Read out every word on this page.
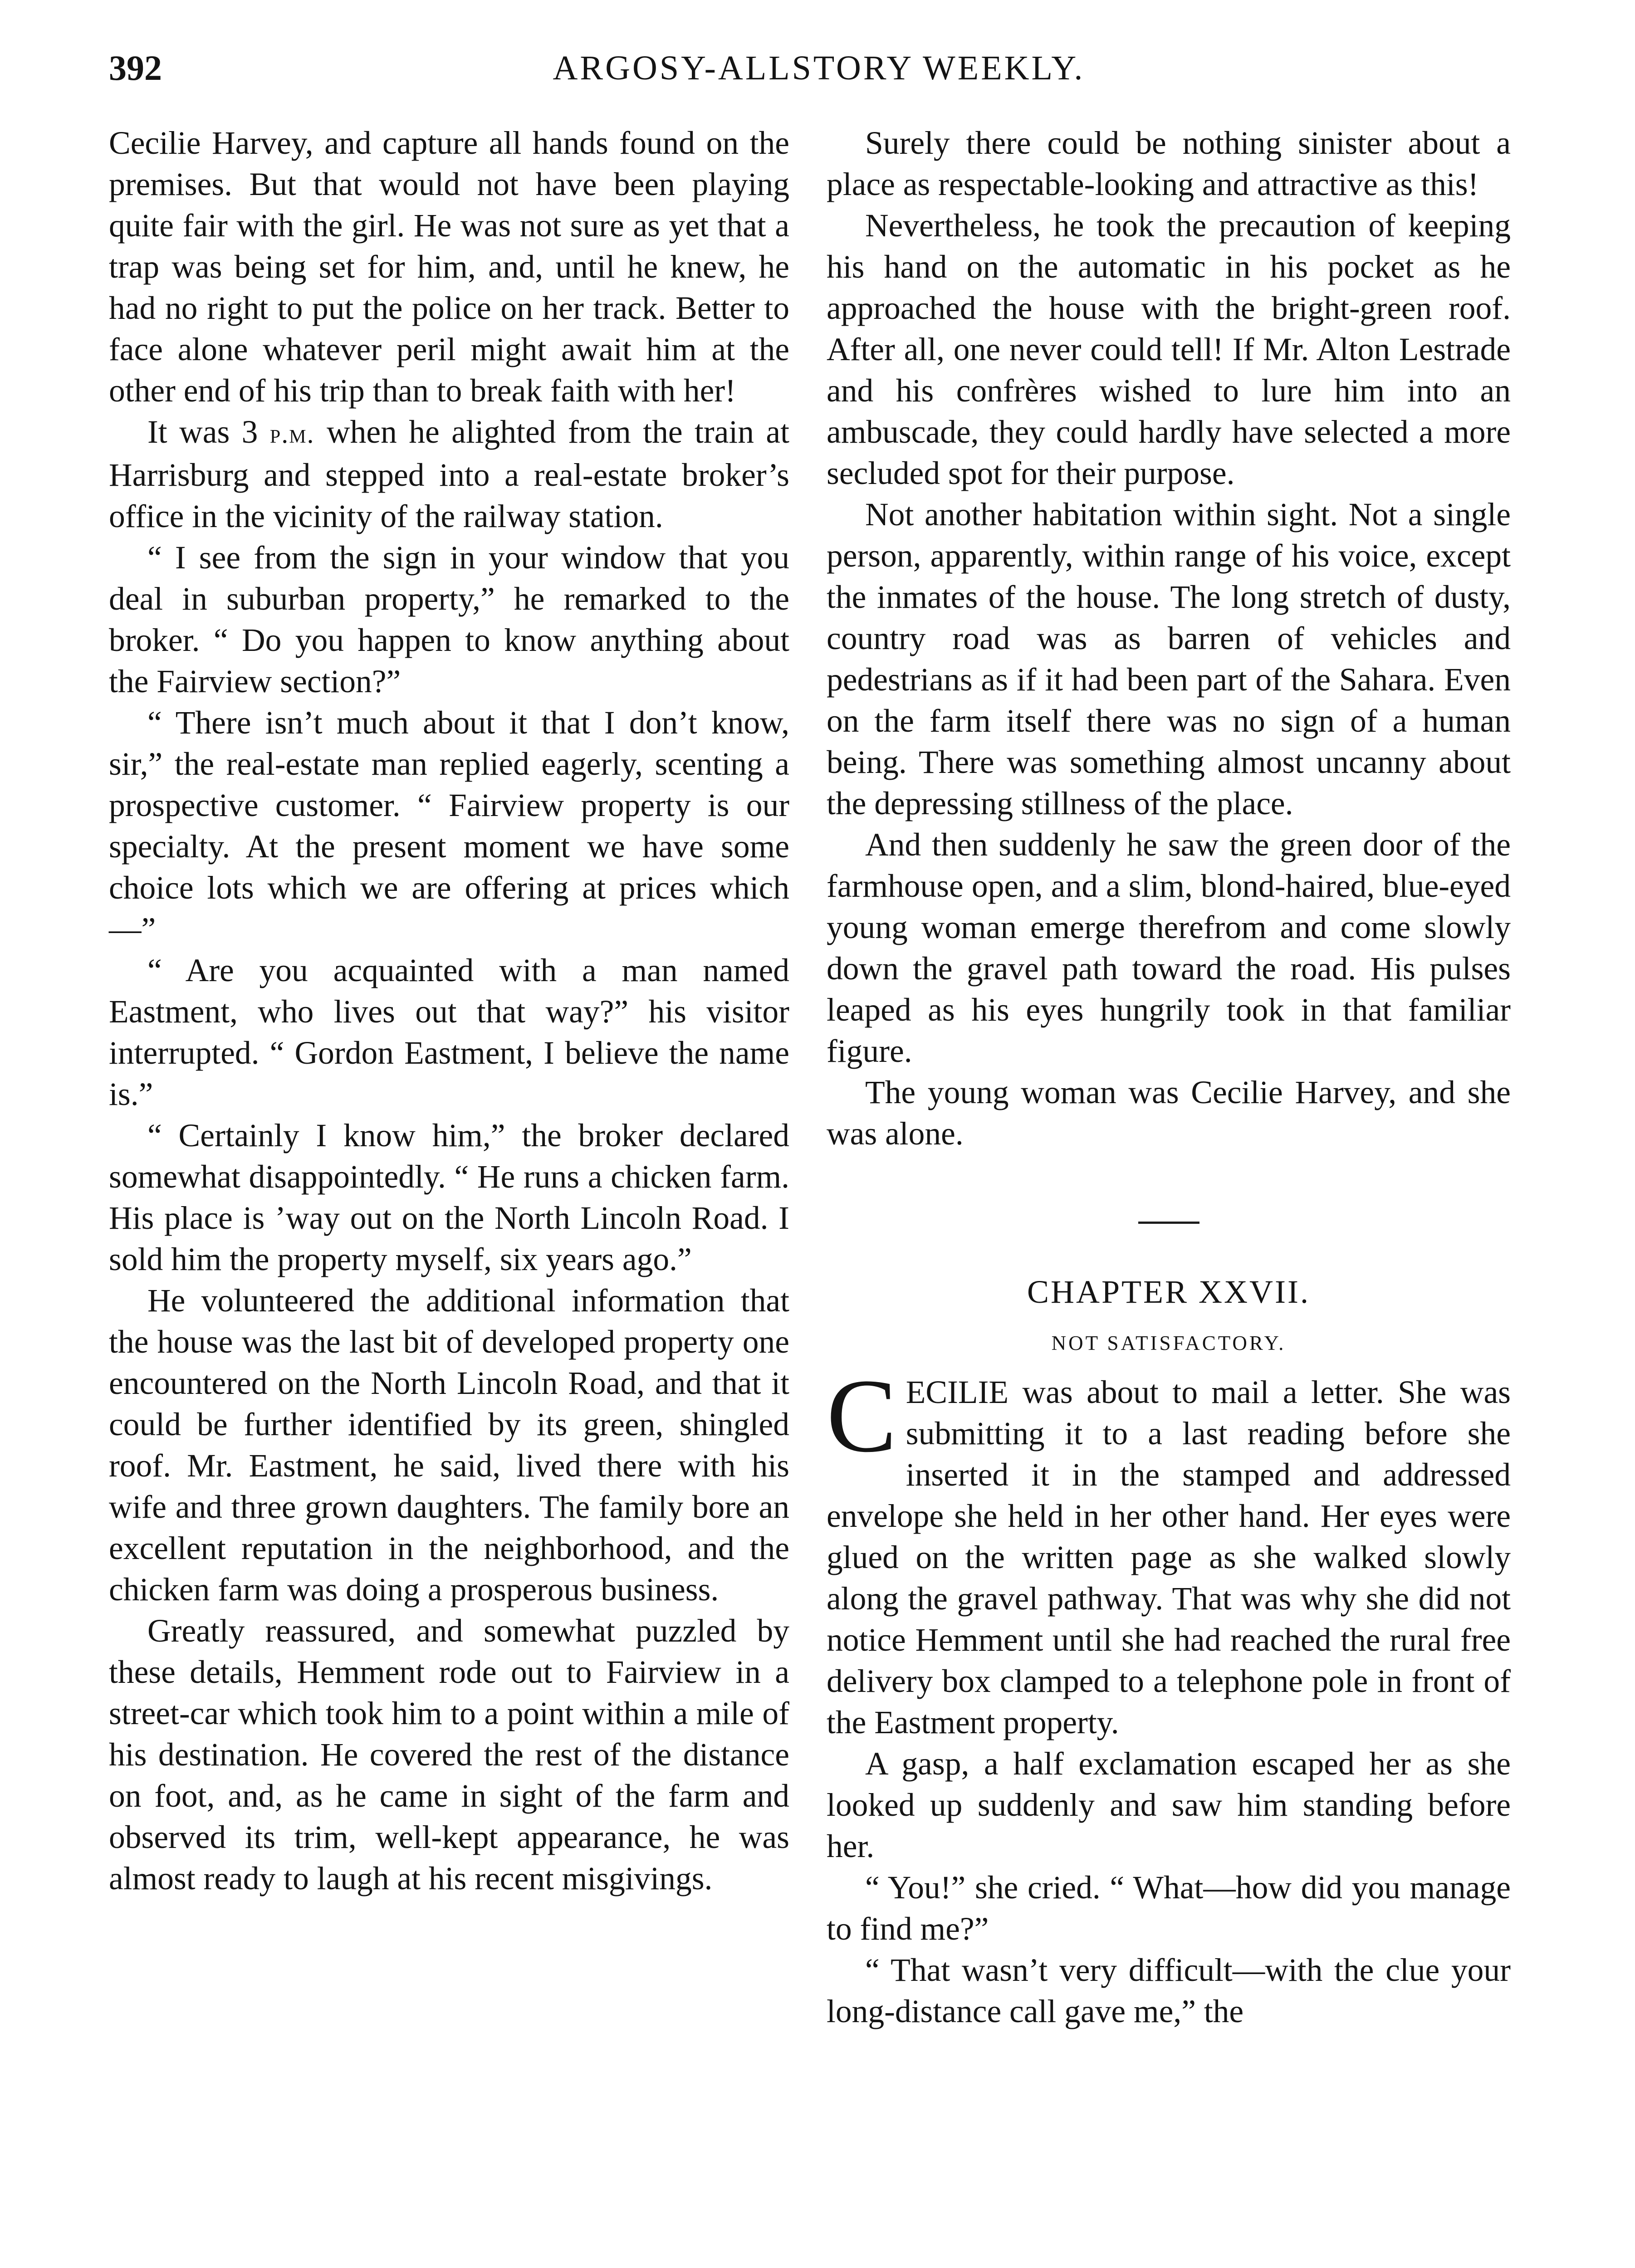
392	ARGOSY-ALLSTORY WEEKLY.

Cecilie Harvey, and capture all hands found on the premises. But that would not have been playing quite fair with the girl. He was not sure as yet that a trap was being set for him, and, until he knew, he had no right to put the police on her track. Better to face alone whatever peril might await him at the other end of his trip than to break faith with her!

It was 3 p.m. when he alighted from the train at Harrisburg and stepped into a real-estate broker’s office in the vicinity of the railway station.

“ I see from the sign in your window that you deal in suburban property,” he remarked to the broker. “ Do you happen to know anything about the Fairview section?”

“ There isn’t much about it that I don’t know, sir,” the real-estate man replied eagerly, scenting a prospective customer. “ Fairview property is our specialty. At the present moment we have some choice lots which we are offering at prices which—”

“ Are you acquainted with a man named Eastment, who lives out that way?” his visitor interrupted. “ Gordon Eastment, I believe the name is.”

“ Certainly I know him,” the broker declared somewhat disappointedly. “ He runs a chicken farm. His place is ’way out on the North Lincoln Road. I sold him the property myself, six years ago.”

He volunteered the additional information that the house was the last bit of developed property one encountered on the North Lincoln Road, and that it could be further identified by its green, shingled roof. Mr. Eastment, he said, lived there with his wife and three grown daughters. The family bore an excellent reputation in the neighborhood, and the chicken farm was doing a prosperous business.

Greatly reassured, and somewhat puzzled by these details, Hemment rode out to Fairview in a street-car which took him to a point within a mile of his destination. He covered the rest of the distance on foot, and, as he came in sight of the farm and observed its trim, well-kept appearance, he was almost ready to laugh at his recent misgivings.

Surely there could be nothing sinister about a place as respectable-looking and attractive as this!

Nevertheless, he took the precaution of keeping his hand on the automatic in his pocket as he approached the house with the bright-green roof. After all, one never could tell! If Mr. Alton Lestrade and his confrères wished to lure him into an ambuscade, they could hardly have selected a more secluded spot for their purpose.

Not another habitation within sight. Not a single person, apparently, within range of his voice, except the inmates of the house. The long stretch of dusty, country road was as barren of vehicles and pedestrians as if it had been part of the Sahara. Even on the farm itself there was no sign of a human being. There was something almost uncanny about the depressing stillness of the place.

And then suddenly he saw the green door of the farmhouse open, and a slim, blond-haired, blue-eyed young woman emerge therefrom and come slowly down the gravel path toward the road. His pulses leaped as his eyes hungrily took in that familiar figure.

The young woman was Cecilie Harvey, and she was alone.

CHAPTER XXVII.
NOT SATISFACTORY.

CECILIE was about to mail a letter. She was submitting it to a last reading before she inserted it in the stamped and addressed envelope she held in her other hand. Her eyes were glued on the written page as she walked slowly along the gravel pathway. That was why she did not notice Hemment until she had reached the rural free delivery box clamped to a telephone pole in front of the Eastment property.

A gasp, a half exclamation escaped her as she looked up suddenly and saw him standing before her.

“ You!” she cried. “ What—how did you manage to find me?”

“ That wasn’t very difficult—with the clue your long-distance call gave me,” the
